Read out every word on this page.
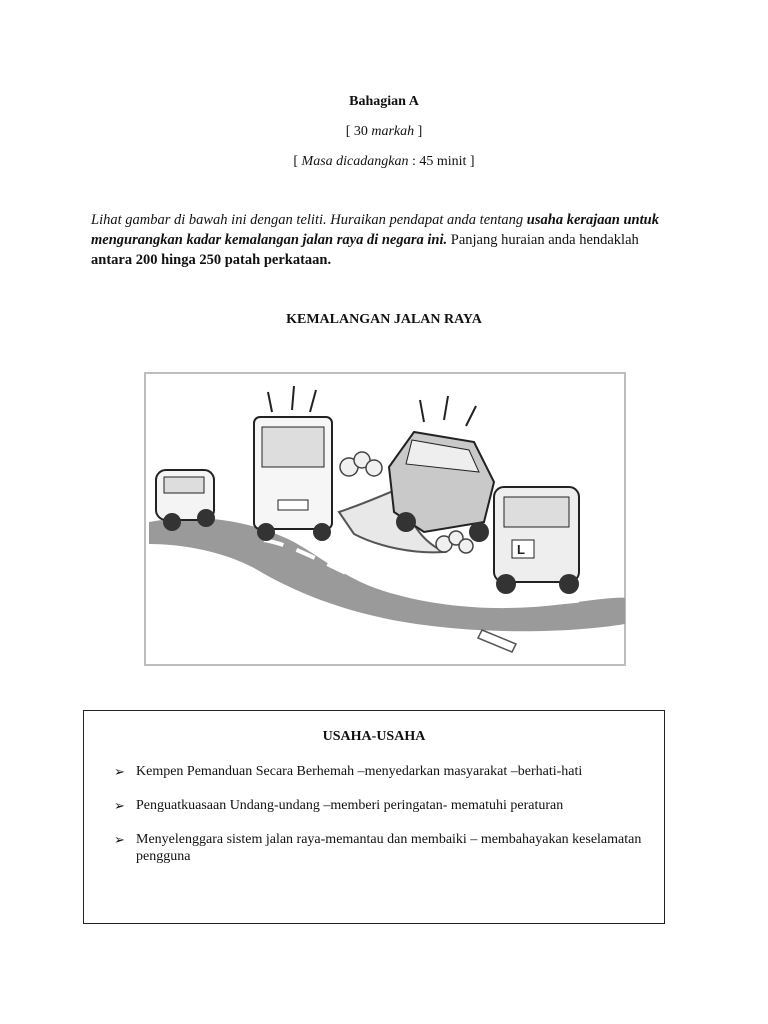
Bahagian A
[ 30 markah ]
[ Masa dicadangkan : 45 minit ]
Lihat gambar di bawah ini dengan teliti. Huraikan pendapat anda tentang usaha kerajaan untuk mengurangkan kadar kemalangan jalan raya di negara ini. Panjang huraian anda hendaklah antara 200 hinga 250 patah perkataan.
KEMALANGAN JALAN RAYA
L
USAHA-USAHA
➢ Kempen Pemanduan Secara Berhemah –menyedarkan masyarakat –berhati-hati
➢ Penguatkuasaan Undang-undang –memberi peringatan- mematuhi peraturan
➢ Menyelenggara sistem jalan raya-memantau dan membaiki – membahayakan keselamatan pengguna
